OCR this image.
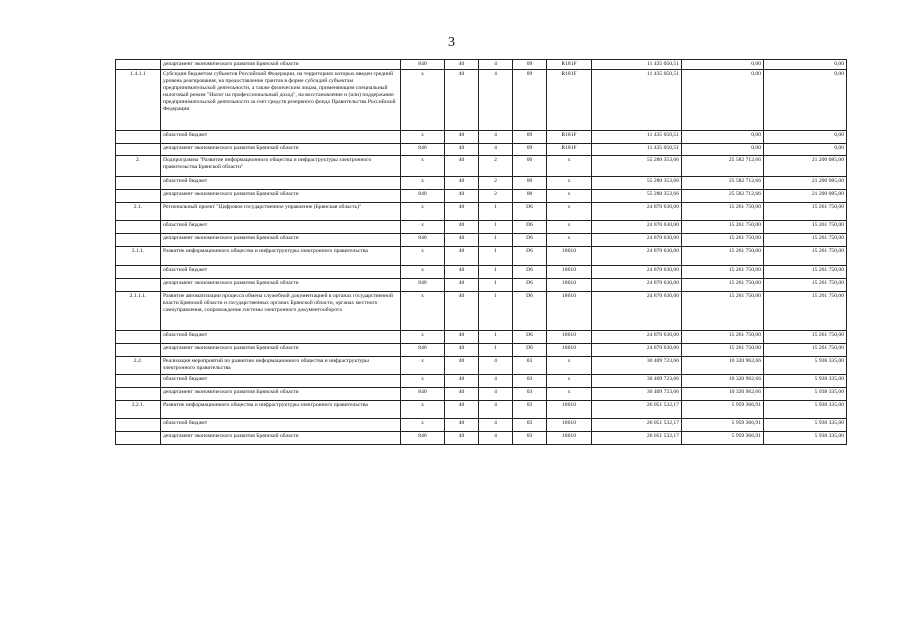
3
	департамент экономического развития Брянской области	840	40	4	09	R181F	11 435 050,51	0,00	0,00
1.4.1.1	Субсидии бюджетам субъектов Российской Федерации, на территориях которых введен средний уровень реагирования, на предоставление грантов в форме субсидий субъектам предпринимательской деятельности, а также физическим лицам, применяющим специальный налоговый режим "Налог на профессиональный доход", на восстановление и (или) поддержание предпринимательской деятельности за счет средств резервного фонда Правительства Российской Федерации	x	40	4	09	R181F	11 435 050,51	0,00	0,00
	областной бюджет	x	40	4	09	R181F	11 435 050,51	0,00	0,00
	департамент экономического развития Брянской области	840	40	4	09	R181F	11 435 050,51	0,00	0,00
2.	Подпрограмма "Развитие информационного общества и инфраструктуры электронного правительства Брянской области"	x	40	2	00	x	55 280 353,66	25 582 712,66	21 200 085,00
	областной бюджет	x	40	2	00	x	55 280 353,66	25 582 712,66	21 200 085,00
	департамент экономического развития Брянской области	840	40	2	00	x	55 280 353,66	25 582 712,66	21 200 085,00
2.1.	Региональный проект "Цифровое государственное управление (Брянская область)"	x	40	1	D6	x	24 870 630,00	15 261 750,00	15 261 750,00
	областной бюджет	x	40	1	D6	x	24 870 630,00	15 261 750,00	15 261 750,00
	департамент экономического развития Брянской области	840	40	1	D6	x	24 870 630,00	15 261 750,00	15 261 750,00
2.1.1.	Развитие информационного общества и инфраструктуры электронного правительства	x	40	1	D6	18610	24 870 630,00	15 261 750,00	15 261 750,00
	областной бюджет	x	40	1	D6	18610	24 870 630,00	15 261 750,00	15 261 750,00
	департамент экономического развития Брянской области	840	40	1	D6	18610	24 870 630,00	15 261 750,00	15 261 750,00
2.1.1.1.	Развитие автоматизации процесса обмена служебной документацией в органах государственной власти Брянской области и государственных органах Брянской области, органах местного самоуправления, сопровождение системы электронного документооборота	x	40	1	D6	18610	24 870 630,00	15 261 750,00	15 261 750,00
	областной бюджет	x	40	1	D6	18610	24 870 630,00	15 261 750,00	15 261 750,00
	департамент экономического развития Брянской области	840	40	1	D6	18610	24 870 630,00	15 261 750,00	15 261 750,00
2.2.	Реализация мероприятий по развитию информационного общества и инфраструктуры электронного правительства	x	40	4	03	x	30 409 723,66	10 320 962,66	5 938 335,00
	областной бюджет	x	40	4	03	x	30 409 723,66	10 320 962,66	5 938 335,00
	департамент экономического развития Брянской области	840	40	4	03	x	30 409 723,66	10 320 962,66	5 938 335,00
2.2.1.	Развитие информационного общества и инфраструктуры электронного правительства	x	40	4	03	18610	26 051 532,17	5 959 366,91	5 938 335,00
	областной бюджет	x	40	4	03	18610	26 051 532,17	5 959 366,91	5 938 335,00
	департамент экономического развития Брянской области	840	40	4	03	18610	26 051 532,17	5 959 366,91	5 938 335,00
